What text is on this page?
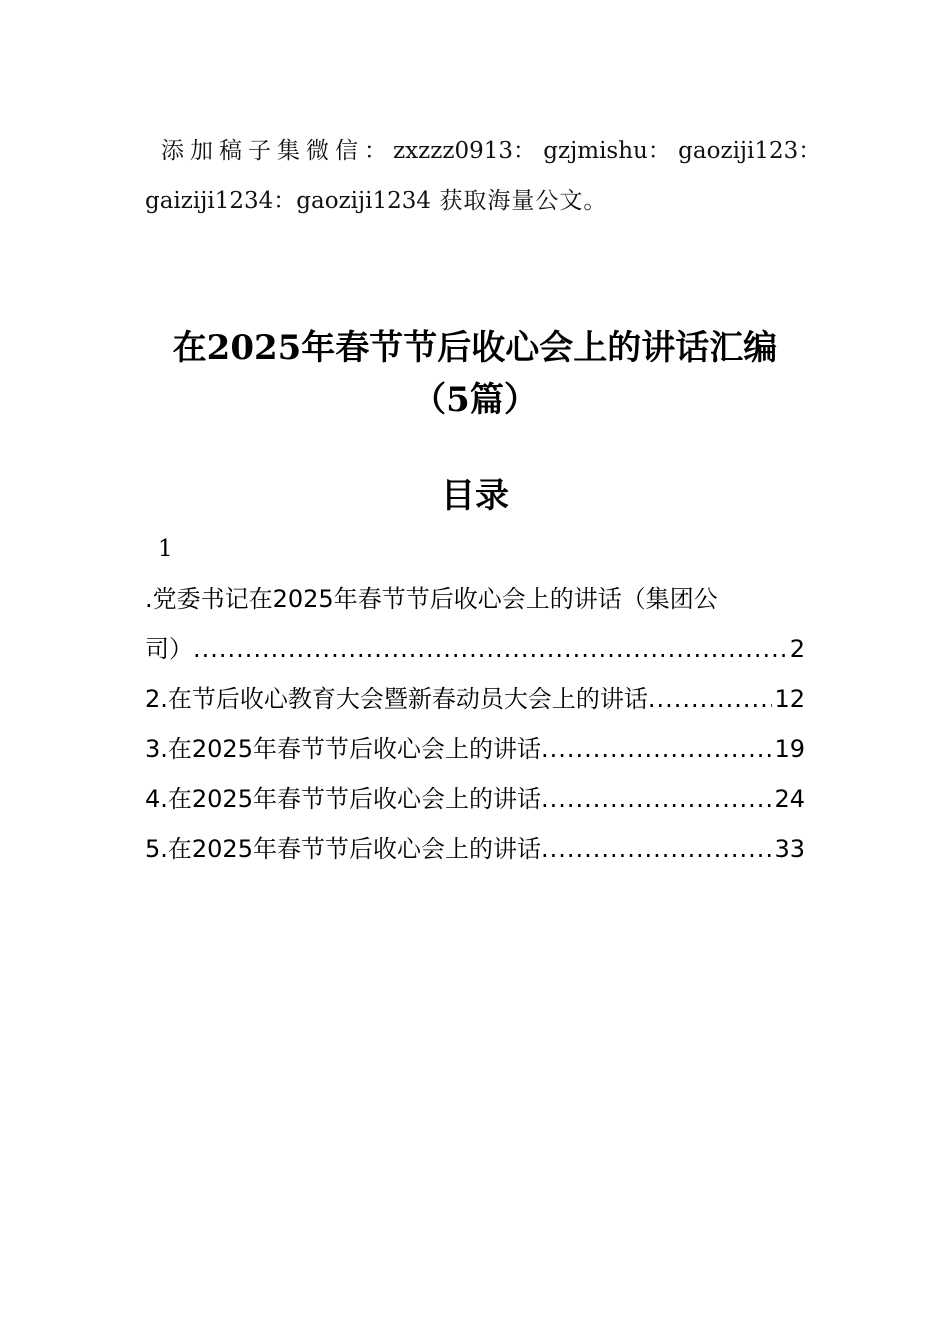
添加稿子集微信：zxzzz0913： gzjmishu： gaoziji123：
gaiziji1234：gaoziji1234 获取海量公文。
在2025年春节节后收心会上的讲话汇编
（5篇）
目录
1
.党委书记在2025年春节节后收心会上的讲话（集团公
司） .....	2
2.在节后收心教育大会暨新春动员大会上的讲话 .....	12
3.在2025年春节节后收心会上的讲话 .....	19
4.在2025年春节节后收心会上的讲话 .....	24
5.在2025年春节节后收心会上的讲话 .....	33
